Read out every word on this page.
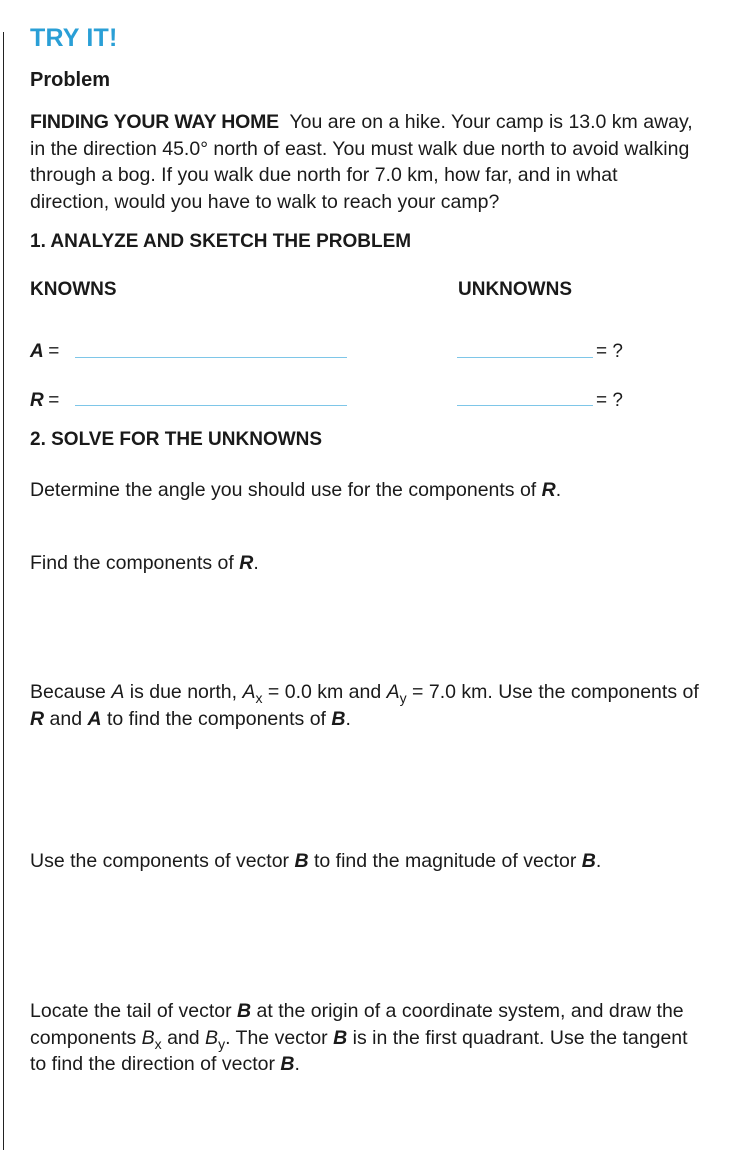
TRY IT!
Problem
FINDING YOUR WAY HOME You are on a hike. Your camp is 13.0 km away, in the direction 45.0° north of east. You must walk due north to avoid walking through a bog. If you walk due north for 7.0 km, how far, and in what direction, would you have to walk to reach your camp?
1. ANALYZE AND SKETCH THE PROBLEM
KNOWNS	UNKNOWNS
A =
R =
= ?
= ?
2. SOLVE FOR THE UNKNOWNS
Determine the angle you should use for the components of R.
Find the components of R.
Because A is due north, $A_x = 0.0$ km and $A_y = 7.0$ km. Use the components of R and A to find the components of B.
Use the components of vector B to find the magnitude of vector B.
Locate the tail of vector B at the origin of a coordinate system, and draw the components $B_x$ and $B_y$. The vector B is in the first quadrant. Use the tangent to find the direction of vector B.
